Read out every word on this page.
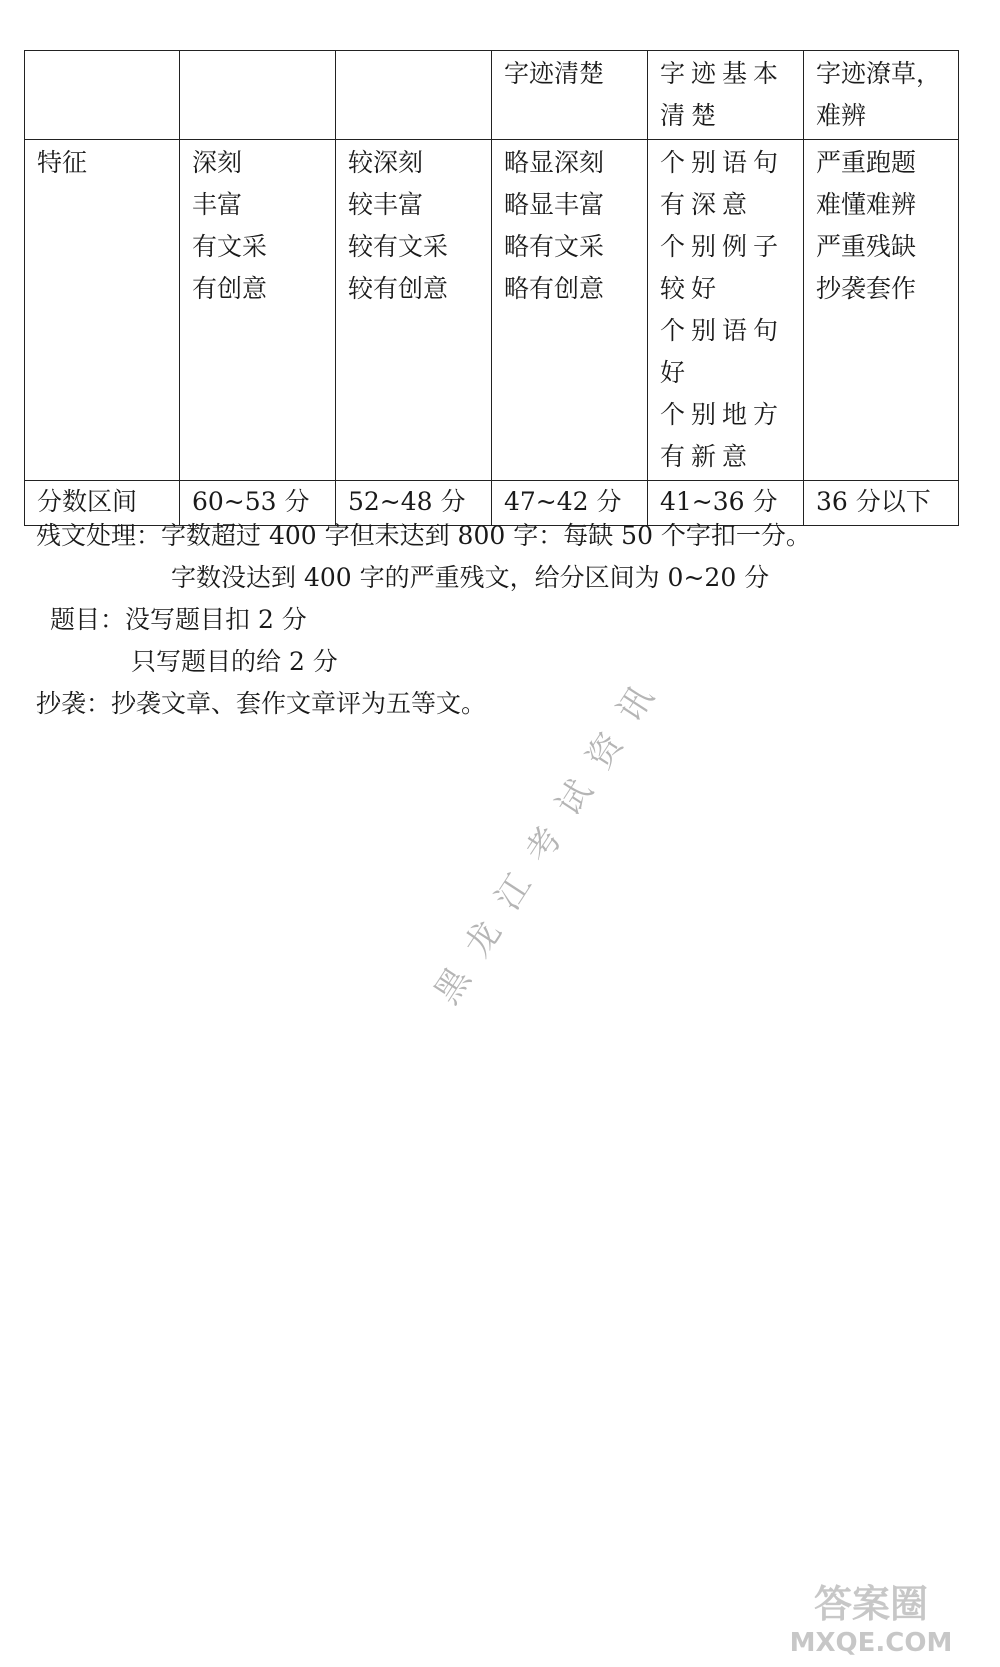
			字迹清楚	字迹基本清楚	字迹潦草，难辨

特征	深刻
丰富
有文采
有创意	较深刻
较丰富
较有文采
较有创意	略显深刻
略显丰富
略有文采
略有创意	个别语句有深意
个别例子较好
个别语句好
个别地方有新意	严重跑题
难懂难辨
严重残缺
抄袭套作

分数区间	60~53 分	52~48 分	47~42 分	41~36 分	36 分以下
残文处理：字数超过 400 字但未达到 800 字：每缺 50 个字扣一分。
字数没达到 400 字的严重残文，给分区间为 0~20 分
题目：没写题目扣 2 分
只写题目的给 2 分
抄袭：抄袭文章、套作文章评为五等文。
黑龙江考试资讯
答案圈
MXQE.COM
